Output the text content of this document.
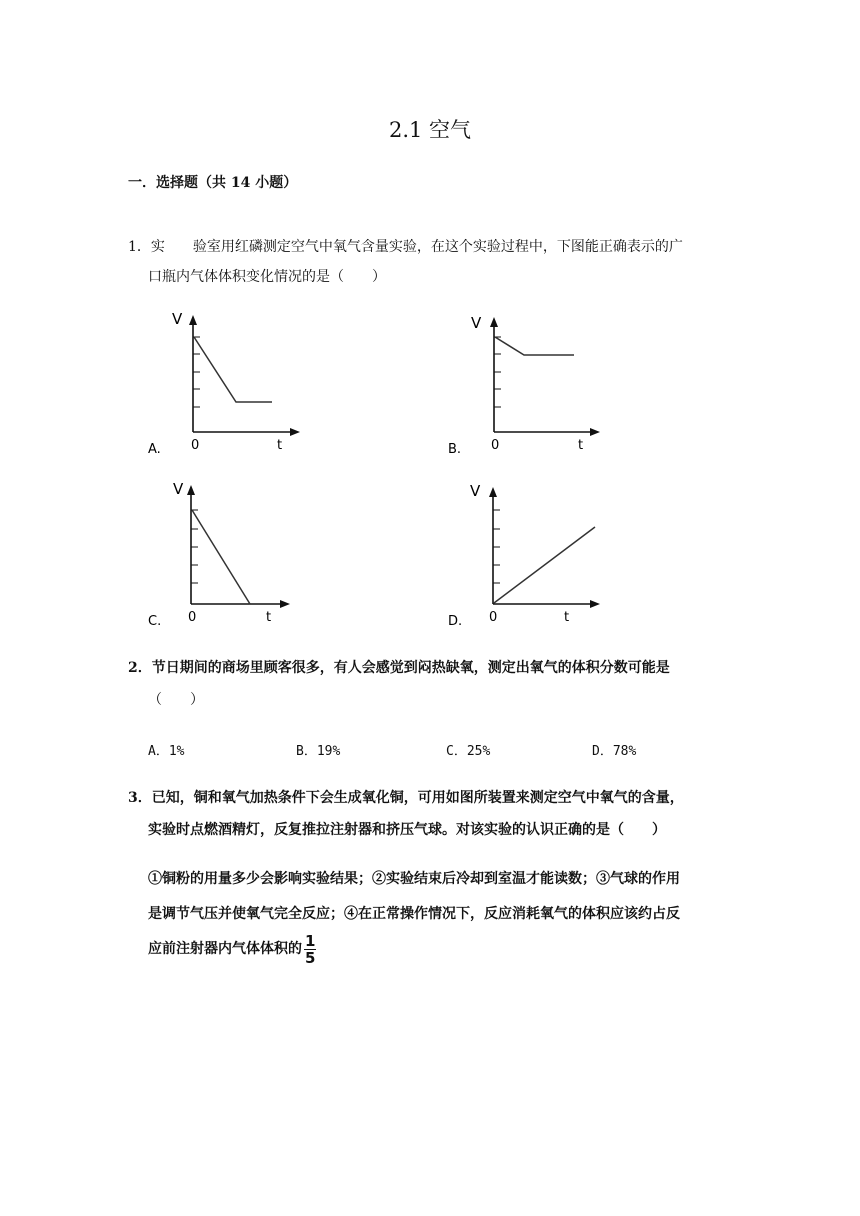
2.1 空气
一．选择题（共 14 小题）
1．实　　验室用红磷测定空气中氧气含量实验，在这个实验过程中，下图能正确表示的广
口瓶内气体体积变化情况的是（　　）
V
0	t
A.
V
0	t
B.
V
0	t
C.
V
0	t
D.
2．节日期间的商场里顾客很多，有人会感觉到闷热缺氧，测定出氧气的体积分数可能是
（　　）
A．1%	B．19%	C．25%	D．78%
3．已知，铜和氧气加热条件下会生成氧化铜，可用如图所装置来测定空气中氧气的含量，
实验时点燃酒精灯，反复推拉注射器和挤压气球。对该实验的认识正确的是（　　）
①铜粉的用量多少会影响实验结果；②实验结束后冷却到室温才能读数；③气球的作用
是调节气压并使氧气完全反应；④在正常操作情况下，反应消耗氧气的体积应该约占反
应前注射器内气体体积的 $\frac{1}{5}$
